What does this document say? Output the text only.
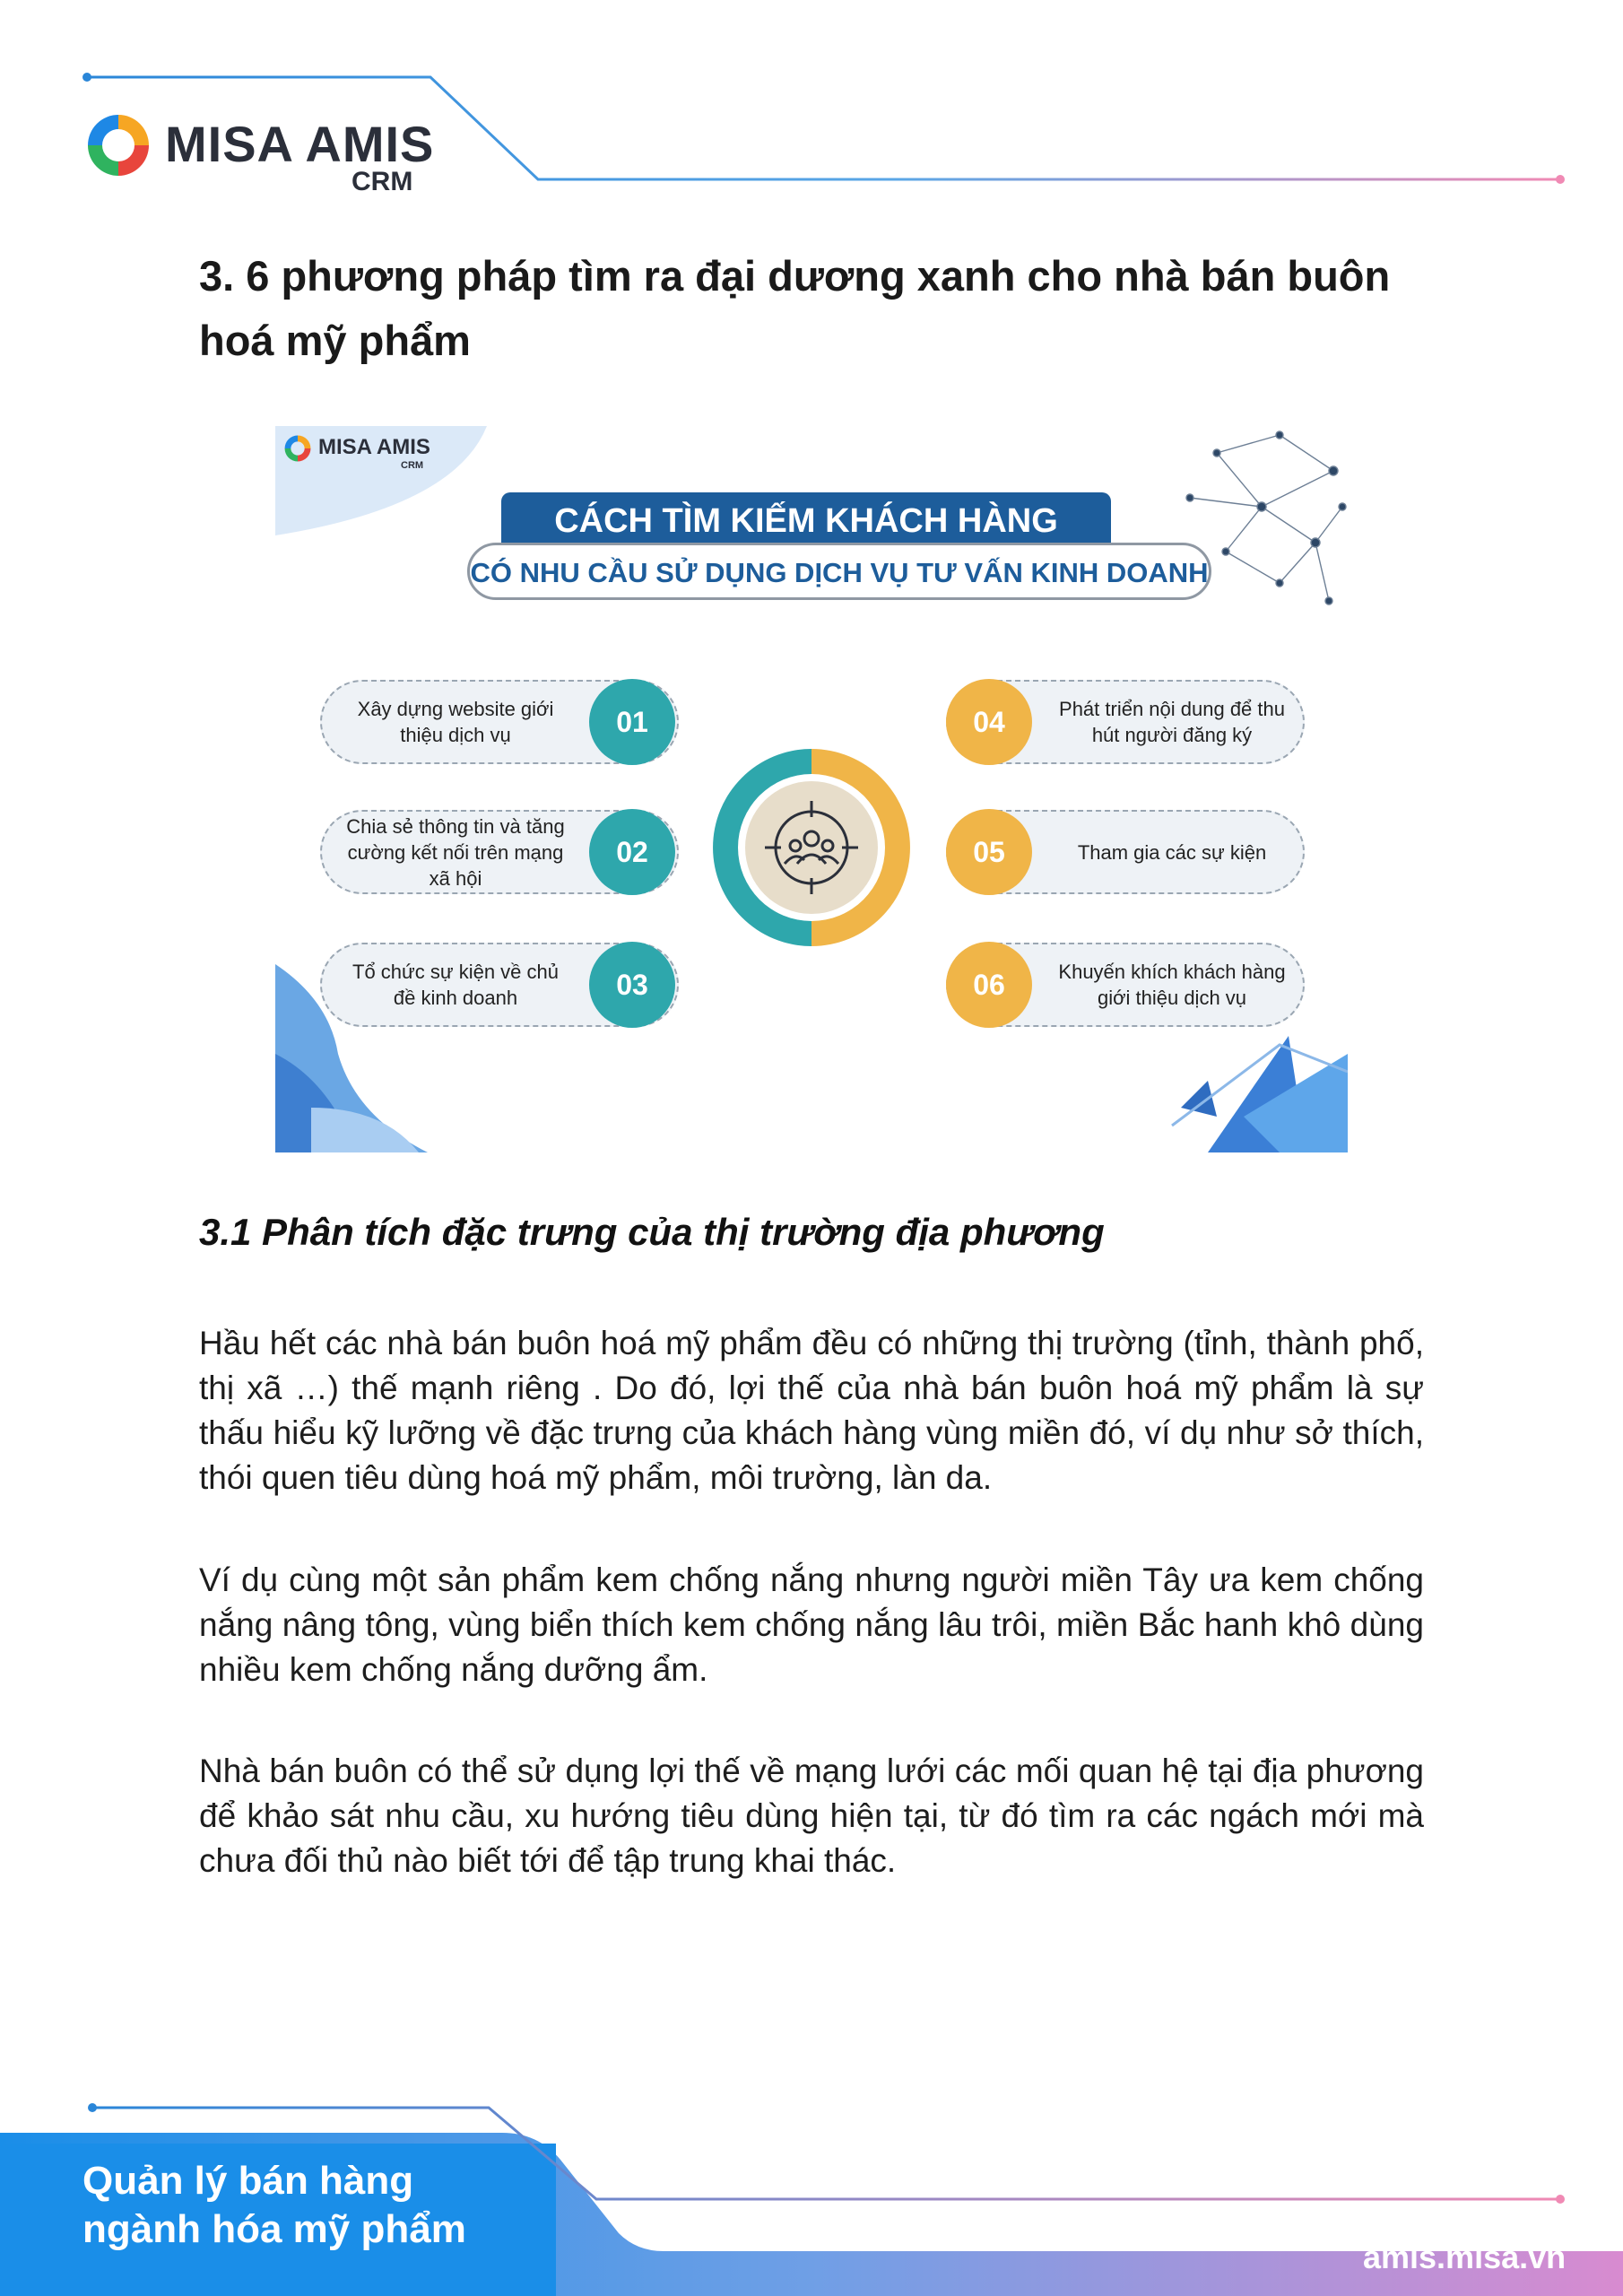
MISA AMIS
CRM
3. 6 phương pháp tìm ra đại dương xanh cho nhà bán buôn hoá mỹ phẩm
MISA AMIS
CRM
CÁCH TÌM KIẾM KHÁCH HÀNG
CÓ NHU CẦU SỬ DỤNG DỊCH VỤ TƯ VẤN KINH DOANH
Xây dựng website giới thiệu dịch vụ	01
Chia sẻ thông tin và tăng cường kết nối trên mạng xã hội
02
Tổ chức sự kiện về chủ đề kinh doanh	03
Phát triển nội dung để thu hút người đăng ký
04
Tham gia các sự kiện
05
Khuyến khích khách hàng giới thiệu dịch vụ
06
3.1 Phân tích đặc trưng của thị trường địa phương

Hầu hết các nhà bán buôn hoá mỹ phẩm đều có những thị trường (tỉnh, thành phố, thị xã …) thế mạnh riêng . Do đó, lợi thế của nhà bán buôn hoá mỹ phẩm là sự thấu hiểu kỹ lưỡng về đặc trưng của khách hàng vùng miền đó, ví dụ như sở thích, thói quen tiêu dùng hoá mỹ phẩm, môi trường, làn da.

Ví dụ cùng một sản phẩm kem chống nắng nhưng người miền Tây ưa kem chống nắng nâng tông, vùng biển thích kem chống nắng lâu trôi, miền Bắc hanh khô dùng nhiều kem chống nắng dưỡng ẩm.

Nhà bán buôn có thể sử dụng lợi thế về mạng lưới các mối quan hệ tại địa phương để khảo sát nhu cầu, xu hướng tiêu dùng hiện tại, từ đó tìm ra các ngách mới mà chưa đối thủ nào biết tới để tập trung khai thác.

Quản lý bán hàng
ngành hóa mỹ phẩm
amis.misa.vn
